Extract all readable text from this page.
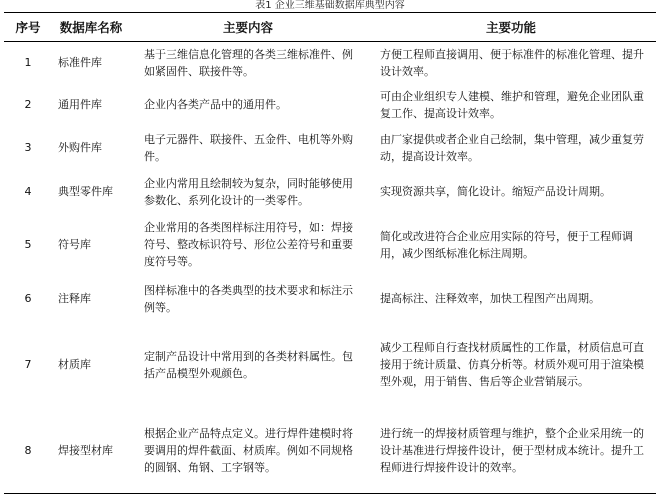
表1 企业三维基础数据库典型内容
序号	数据库名称	主要内容	主要功能
1	标准件库	基于三维信息化管理的各类三维标准件、例如紧固件、联接件等。	方便工程师直接调用、便于标准件的标准化管理、提升设计效率。
2	通用件库	企业内各类产品中的通用件。	可由企业组织专人建模、维护和管理，避免企业团队重复工作、提高设计效率。
3	外购件库	电子元器件、联接件、五金件、电机等外购件。	由厂家提供或者企业自己绘制，集中管理，减少重复劳动，提高设计效率。
4	典型零件库	企业内常用且绘制较为复杂，同时能够使用参数化、系列化设计的一类零件。	实现资源共享，简化设计。缩短产品设计周期。
5	符号库	企业常用的各类图样标注用符号，如：焊接符号、整改标识符号、形位公差符号和重要度符号等。	简化或改进符合企业应用实际的符号，便于工程师调用，减少图纸标准化标注周期。
6	注释库	图样标准中的各类典型的技术要求和标注示例等。	提高标注、注释效率，加快工程图产出周期。
7	材质库	定制产品设计中常用到的各类材料属性。包括产品模型外观颜色。	减少工程师自行查找材质属性的工作量，材质信息可直接用于统计质量、仿真分析等。材质外观可用于渲染模型外观，用于销售、售后等企业营销展示。
8	焊接型材库	根据企业产品特点定义。进行焊件建模时将要调用的焊件截面、材质库。例如不同规格的圆钢、角钢、工字钢等。	进行统一的焊接材质管理与维护，整个企业采用统一的设计基准进行焊接件设计，便于型材成本统计。提升工程师进行焊接件设计的效率。
